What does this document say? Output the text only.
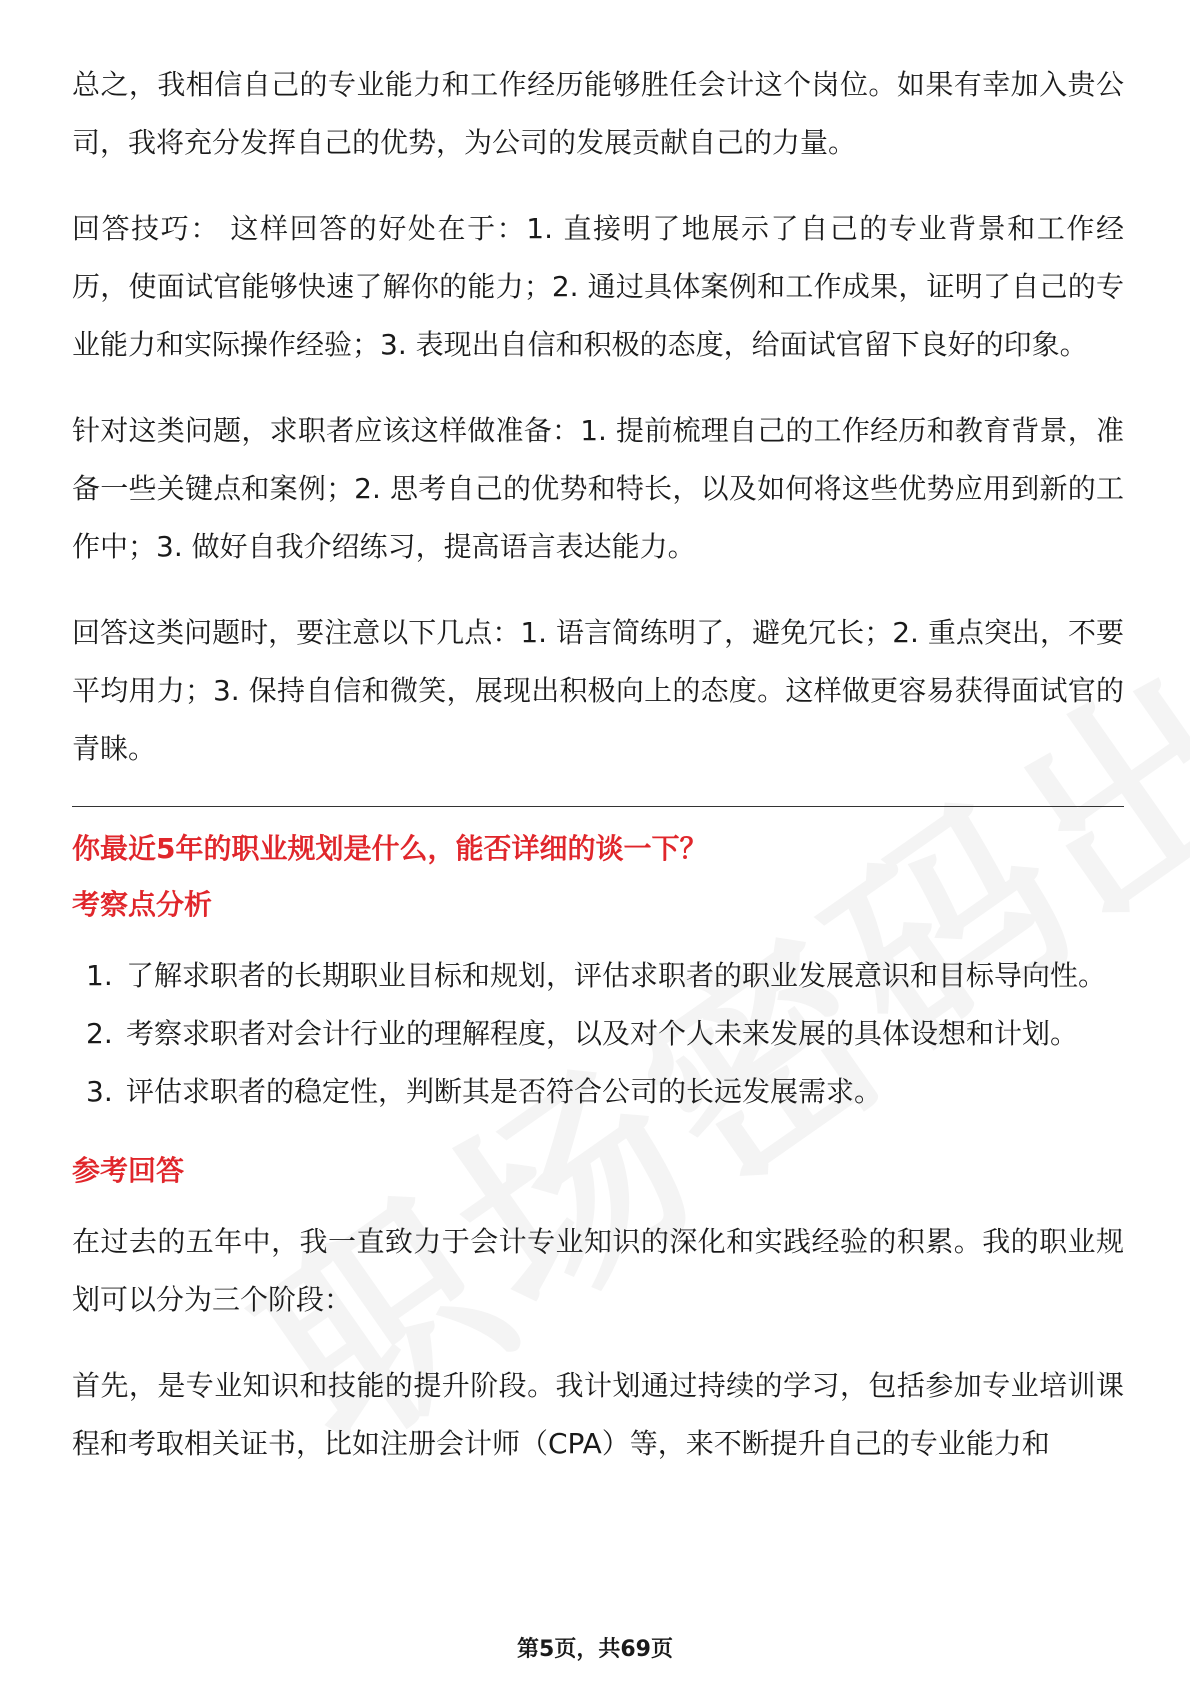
总之，我相信自己的专业能力和工作经历能够胜任会计这个岗位。如果有幸加入贵公司，我将充分发挥自己的优势，为公司的发展贡献自己的力量。

回答技巧： 这样回答的好处在于：1. 直接明了地展示了自己的专业背景和工作经历，使面试官能够快速了解你的能力；2. 通过具体案例和工作成果，证明了自己的专业能力和实际操作经验；3. 表现出自信和积极的态度，给面试官留下良好的印象。

针对这类问题，求职者应该这样做准备：1. 提前梳理自己的工作经历和教育背景，准备一些关键点和案例；2. 思考自己的优势和特长，以及如何将这些优势应用到新的工作中；3. 做好自我介绍练习，提高语言表达能力。

回答这类问题时，要注意以下几点：1. 语言简练明了，避免冗长；2. 重点突出，不要平均用力；3. 保持自信和微笑，展现出积极向上的态度。这样做更容易获得面试官的青睐。

你最近5年的职业规划是什么，能否详细的谈一下？

考察点分析

1. 了解求职者的长期职业目标和规划，评估求职者的职业发展意识和目标导向性。
2. 考察求职者对会计行业的理解程度，以及对个人未来发展的具体设想和计划。
3. 评估求职者的稳定性，判断其是否符合公司的长远发展需求。

参考回答

在过去的五年中，我一直致力于会计专业知识的深化和实践经验的积累。我的职业规划可以分为三个阶段：

首先，是专业知识和技能的提升阶段。我计划通过持续的学习，包括参加专业培训课程和考取相关证书，比如注册会计师（CPA）等，来不断提升自己的专业能力和

第5页，共69页
